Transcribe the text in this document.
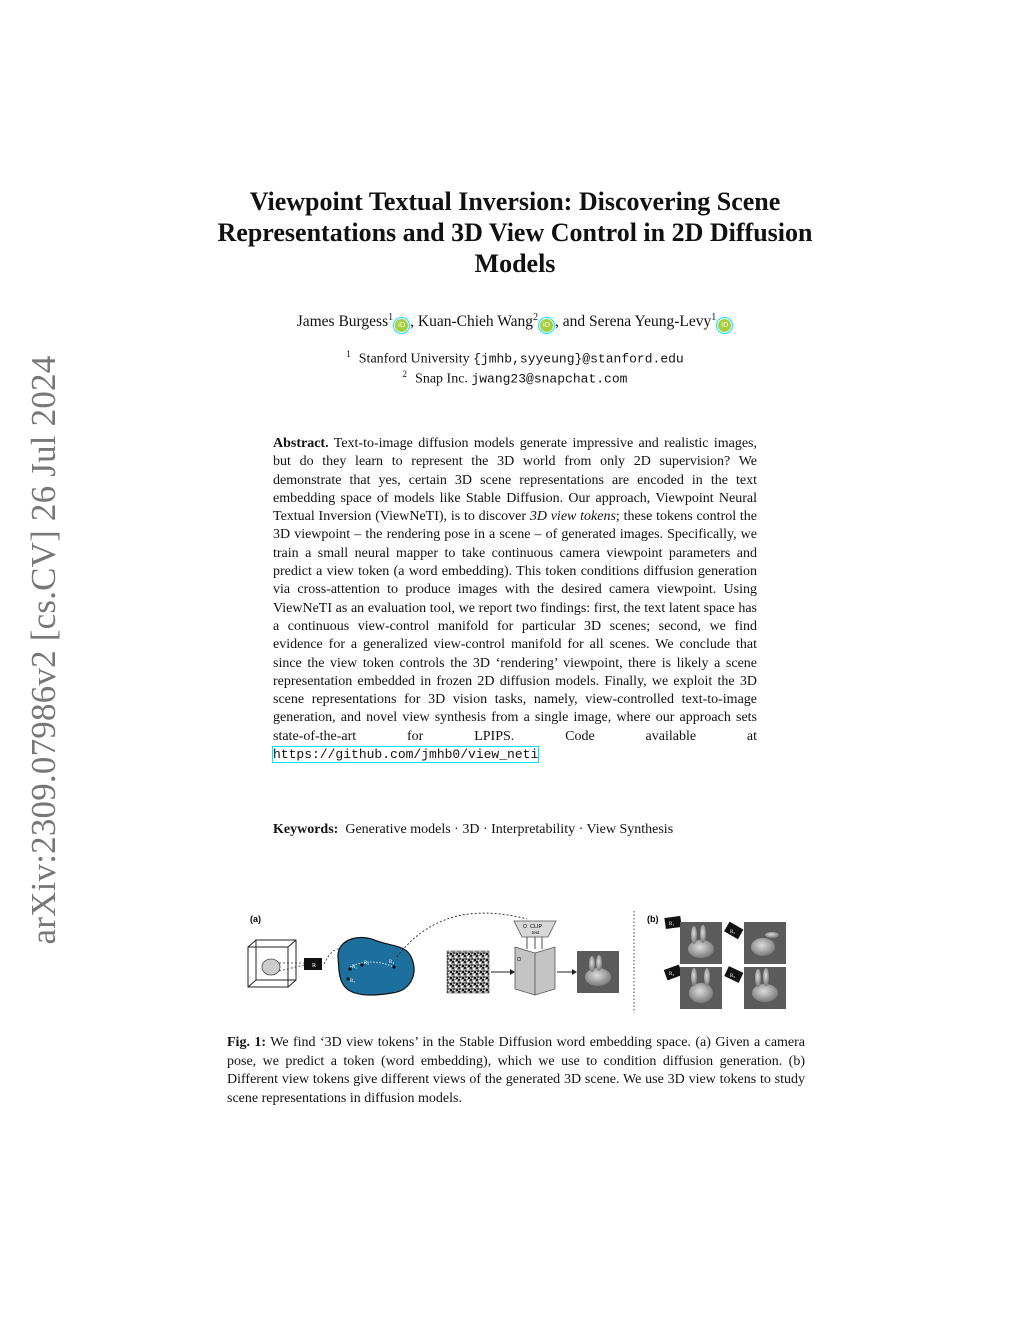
arXiv:2309.07986v2 [cs.CV] 26 Jul 2024
Viewpoint Textual Inversion: Discovering Scene Representations and 3D View Control in 2D Diffusion Models
James Burgess$^1$iD , Kuan-Chieh Wang$^2$iD , and Serena Yeung-Levy$^1$iD
$^1$ Stanford University {jmhb,syyeung}@stanford.edu
$^2$ Snap Inc. jwang23@snapchat.com
Abstract. Text-to-image diffusion models generate impressive and realistic images, but do they learn to represent the 3D world from only 2D supervision? We demonstrate that yes, certain 3D scene representations are encoded in the text embedding space of models like Stable Diffusion. Our approach, Viewpoint Neural Textual Inversion (ViewNeTI), is to discover 3D view tokens; these tokens control the 3D viewpoint – the rendering pose in a scene – of generated images. Specifically, we train a small neural mapper to take continuous camera viewpoint parameters and predict a view token (a word embedding). This token conditions diffusion generation via cross-attention to produce images with the desired camera viewpoint. Using ViewNeTI as an evaluation tool, we report two findings: first, the text latent space has a continuous view-control manifold for particular 3D scenes; second, we find evidence for a generalized view-control manifold for all scenes. We conclude that since the view token controls the 3D ‘rendering’ viewpoint, there is likely a scene representation embedded in frozen 2D diffusion models. Finally, we exploit the 3D scene representations for 3D vision tasks, namely, view-controlled text-to-image generation, and novel view synthesis from a single image, where our approach sets state-of-the-art for LPIPS. Code available at https://github.com/jmhb0/view_neti
Keywords: Generative models · 3D · Interpretability · View Synthesis
(a)
R	R₁
R₂
R₃
R₄
CLIP
text
(b)
R₁
R₂
R₃	R₄
Fig. 1: We find ‘3D view tokens’ in the Stable Diffusion word embedding space. (a) Given a camera pose, we predict a token (word embedding), which we use to condition diffusion generation. (b) Different view tokens give different views of the generated 3D scene. We use 3D view tokens to study scene representations in diffusion models.
